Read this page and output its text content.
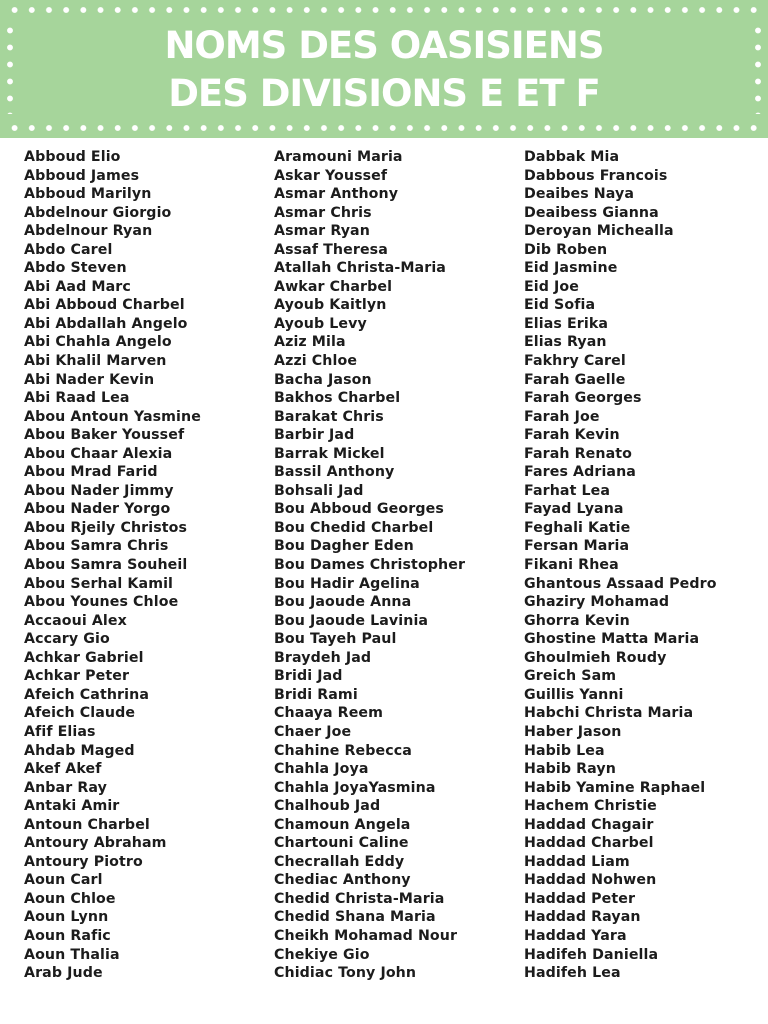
NOMS DES OASISIENS
DES DIVISIONS E ET F
Abboud Elio
Abboud James
Abboud Marilyn
Abdelnour Giorgio
Abdelnour Ryan
Abdo Carel
Abdo Steven
Abi Aad Marc
Abi Abboud Charbel
Abi Abdallah Angelo
Abi Chahla Angelo
Abi Khalil Marven
Abi Nader Kevin
Abi Raad Lea
Abou Antoun Yasmine
Abou Baker Youssef
Abou Chaar Alexia
Abou Mrad Farid
Abou Nader Jimmy
Abou Nader Yorgo
Abou Rjeily Christos
Abou Samra Chris
Abou Samra Souheil
Abou Serhal Kamil
Abou Younes Chloe
Accaoui Alex
Accary Gio
Achkar Gabriel
Achkar Peter
Afeich Cathrina
Afeich Claude
Afif Elias
Ahdab Maged
Akef Akef
Anbar Ray
Antaki Amir
Antoun Charbel
Antoury Abraham
Antoury Piotro
Aoun Carl
Aoun Chloe
Aoun Lynn
Aoun Rafic
Aoun Thalia
Arab Jude
Aramouni Maria
Askar Youssef
Asmar Anthony
Asmar Chris
Asmar Ryan
Assaf Theresa
Atallah Christa-Maria
Awkar Charbel
Ayoub Kaitlyn
Ayoub Levy
Aziz Mila
Azzi Chloe
Bacha Jason
Bakhos Charbel
Barakat Chris
Barbir Jad
Barrak Mickel
Bassil Anthony
Bohsali Jad
Bou Abboud Georges
Bou Chedid Charbel
Bou Dagher Eden
Bou Dames Christopher
Bou Hadir Agelina
Bou Jaoude Anna
Bou Jaoude Lavinia
Bou Tayeh Paul
Braydeh Jad
Bridi Jad
Bridi Rami
Chaaya Reem
Chaer Joe
Chahine Rebecca
Chahla Joya
Chahla JoyaYasmina
Chalhoub Jad
Chamoun Angela
Chartouni Caline
Checrallah Eddy
Chediac Anthony
Chedid Christa-Maria
Chedid Shana Maria
Cheikh Mohamad Nour
Chekiye Gio
Chidiac Tony John
Dabbak Mia
Dabbous Francois
Deaibes Naya
Deaibess Gianna
Deroyan Michealla
Dib Roben
Eid Jasmine
Eid Joe
Eid Sofia
Elias Erika
Elias Ryan
Fakhry Carel
Farah Gaelle
Farah Georges
Farah Joe
Farah Kevin
Farah Renato
Fares Adriana
Farhat Lea
Fayad Lyana
Feghali Katie
Fersan Maria
Fikani Rhea
Ghantous Assaad Pedro
Ghaziry Mohamad
Ghorra Kevin
Ghostine Matta Maria
Ghoulmieh Roudy
Greich Sam
Guillis Yanni
Habchi Christa Maria
Haber Jason
Habib Lea
Habib Rayn
Habib Yamine Raphael
Hachem Christie
Haddad Chagair
Haddad Charbel
Haddad Liam
Haddad Nohwen
Haddad Peter
Haddad Rayan
Haddad Yara
Hadifeh Daniella
Hadifeh Lea
